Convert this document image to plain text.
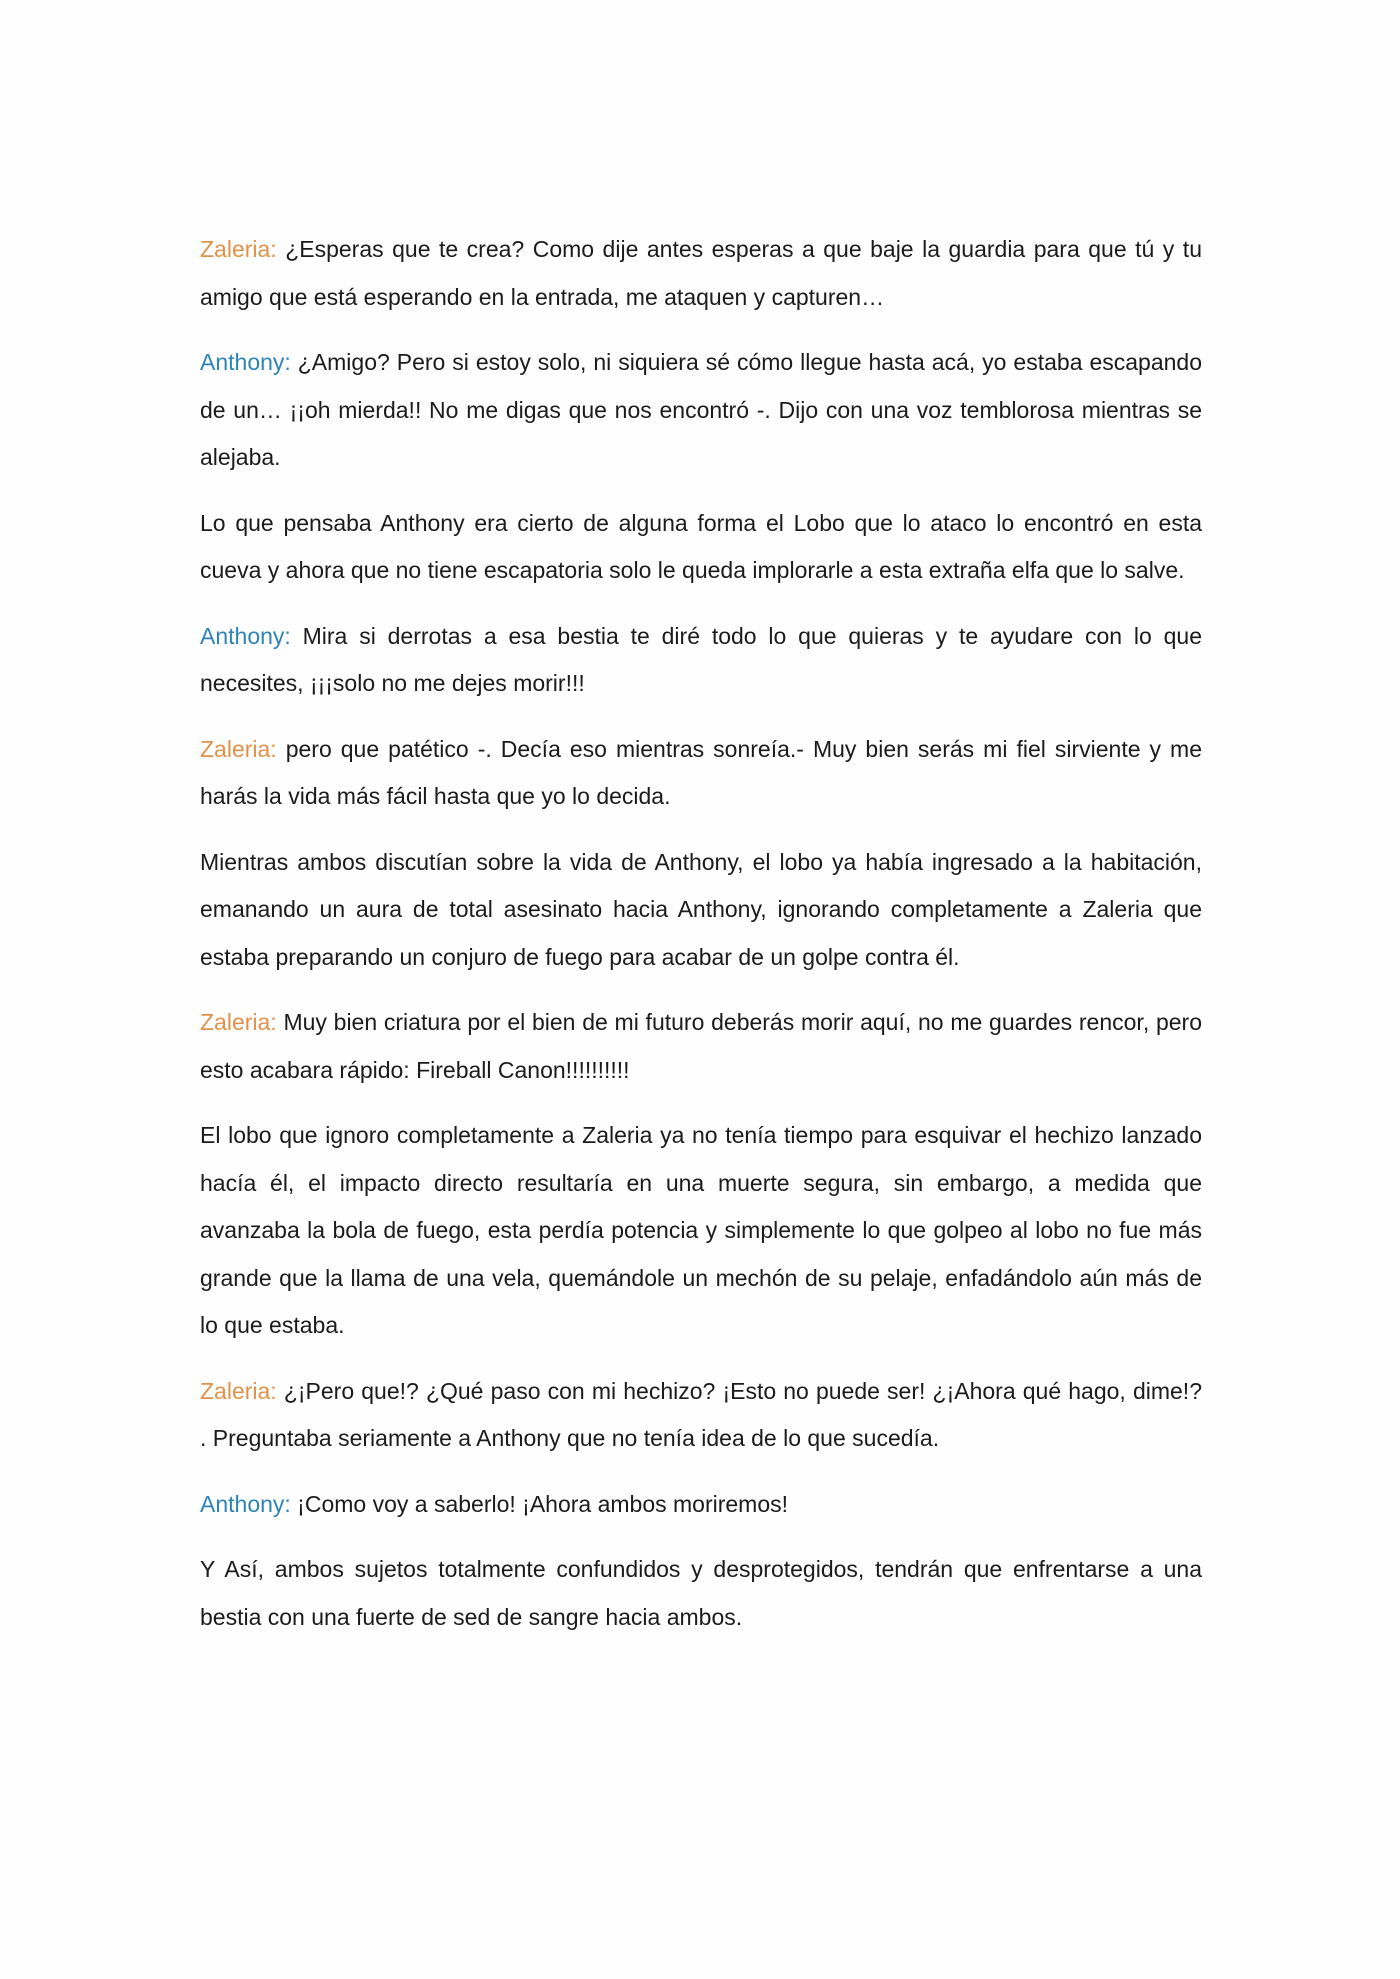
Zaleria: ¿Esperas que te crea? Como dije antes esperas a que baje la guardia para que tú y tu amigo que está esperando en la entrada, me ataquen y capturen…

Anthony: ¿Amigo? Pero si estoy solo, ni siquiera sé cómo llegue hasta acá, yo estaba escapando de un… ¡¡oh mierda!! No me digas que nos encontró -. Dijo con una voz temblorosa mientras se alejaba.

Lo que pensaba Anthony era cierto de alguna forma el Lobo que lo ataco lo encontró en esta cueva y ahora que no tiene escapatoria solo le queda implorarle a esta extraña elfa que lo salve.

Anthony: Mira si derrotas a esa bestia te diré todo lo que quieras y te ayudare con lo que necesites, ¡¡¡solo no me dejes morir!!!

Zaleria: pero que patético -. Decía eso mientras sonreía.- Muy bien serás mi fiel sirviente y me harás la vida más fácil hasta que yo lo decida.

Mientras ambos discutían sobre la vida de Anthony, el lobo ya había ingresado a la habitación, emanando un aura de total asesinato hacia Anthony, ignorando completamente a Zaleria que estaba preparando un conjuro de fuego para acabar de un golpe contra él.

Zaleria: Muy bien criatura por el bien de mi futuro deberás morir aquí, no me guardes rencor, pero esto acabara rápido: Fireball Canon!!!!!!!!!!

El lobo que ignoro completamente a Zaleria ya no tenía tiempo para esquivar el hechizo lanzado hacía él, el impacto directo resultaría en una muerte segura, sin embargo, a medida que avanzaba la bola de fuego, esta perdía potencia y simplemente lo que golpeo al lobo no fue más grande que la llama de una vela, quemándole un mechón de su pelaje, enfadándolo aún más de lo que estaba.

Zaleria: ¿¡Pero que!? ¿Qué paso con mi hechizo? ¡Esto no puede ser! ¿¡Ahora qué hago, dime!? . Preguntaba seriamente a Anthony que no tenía idea de lo que sucedía.

Anthony: ¡Como voy a saberlo! ¡Ahora ambos moriremos!

Y Así, ambos sujetos totalmente confundidos y desprotegidos, tendrán que enfrentarse a una bestia con una fuerte de sed de sangre hacia ambos.
